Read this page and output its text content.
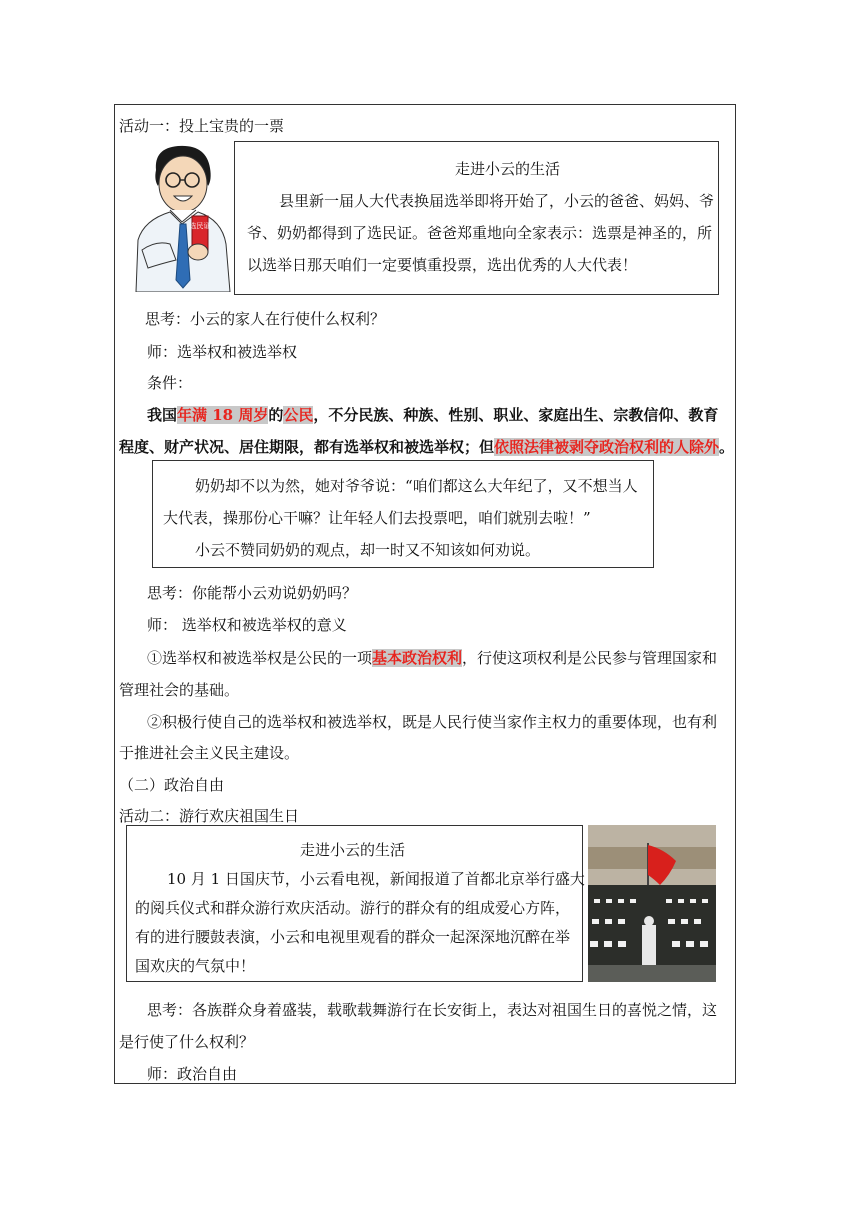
活动一：投上宝贵的一票
选民证
走进小云的生活
县里新一届人大代表换届选举即将开始了，小云的爸爸、妈妈、爷
爷、奶奶都得到了选民证。爸爸郑重地向全家表示：选票是神圣的，所
以选举日那天咱们一定要慎重投票，选出优秀的人大代表！
思考：小云的家人在行使什么权利？
师：选举权和被选举权
条件：
我国年满 18 周岁的公民，不分民族、种族、性别、职业、家庭出生、宗教信仰、教育
程度、财产状况、居住期限，都有选举权和被选举权；但依照法律被剥夺政治权利的人除外。
奶奶却不以为然，她对爷爷说：“咱们都这么大年纪了，又不想当人
大代表，操那份心干嘛？让年轻人们去投票吧，咱们就别去啦！”
小云不赞同奶奶的观点，却一时又不知该如何劝说。
思考：你能帮小云劝说奶奶吗？
师： 选举权和被选举权的意义
①选举权和被选举权是公民的一项基本政治权利，行使这项权利是公民参与管理国家和
管理社会的基础。
②积极行使自己的选举权和被选举权，既是人民行使当家作主权力的重要体现，也有利
于推进社会主义民主建设。
（二）政治自由
活动二：游行欢庆祖国生日
走进小云的生活
10 月 1 日国庆节，小云看电视，新闻报道了首都北京举行盛大
的阅兵仪式和群众游行欢庆活动。游行的群众有的组成爱心方阵，
有的进行腰鼓表演，小云和电视里观看的群众一起深深地沉醉在举
国欢庆的气氛中！
思考：各族群众身着盛装，载歌载舞游行在长安街上，表达对祖国生日的喜悦之情，这
是行使了什么权利？
师：政治自由
